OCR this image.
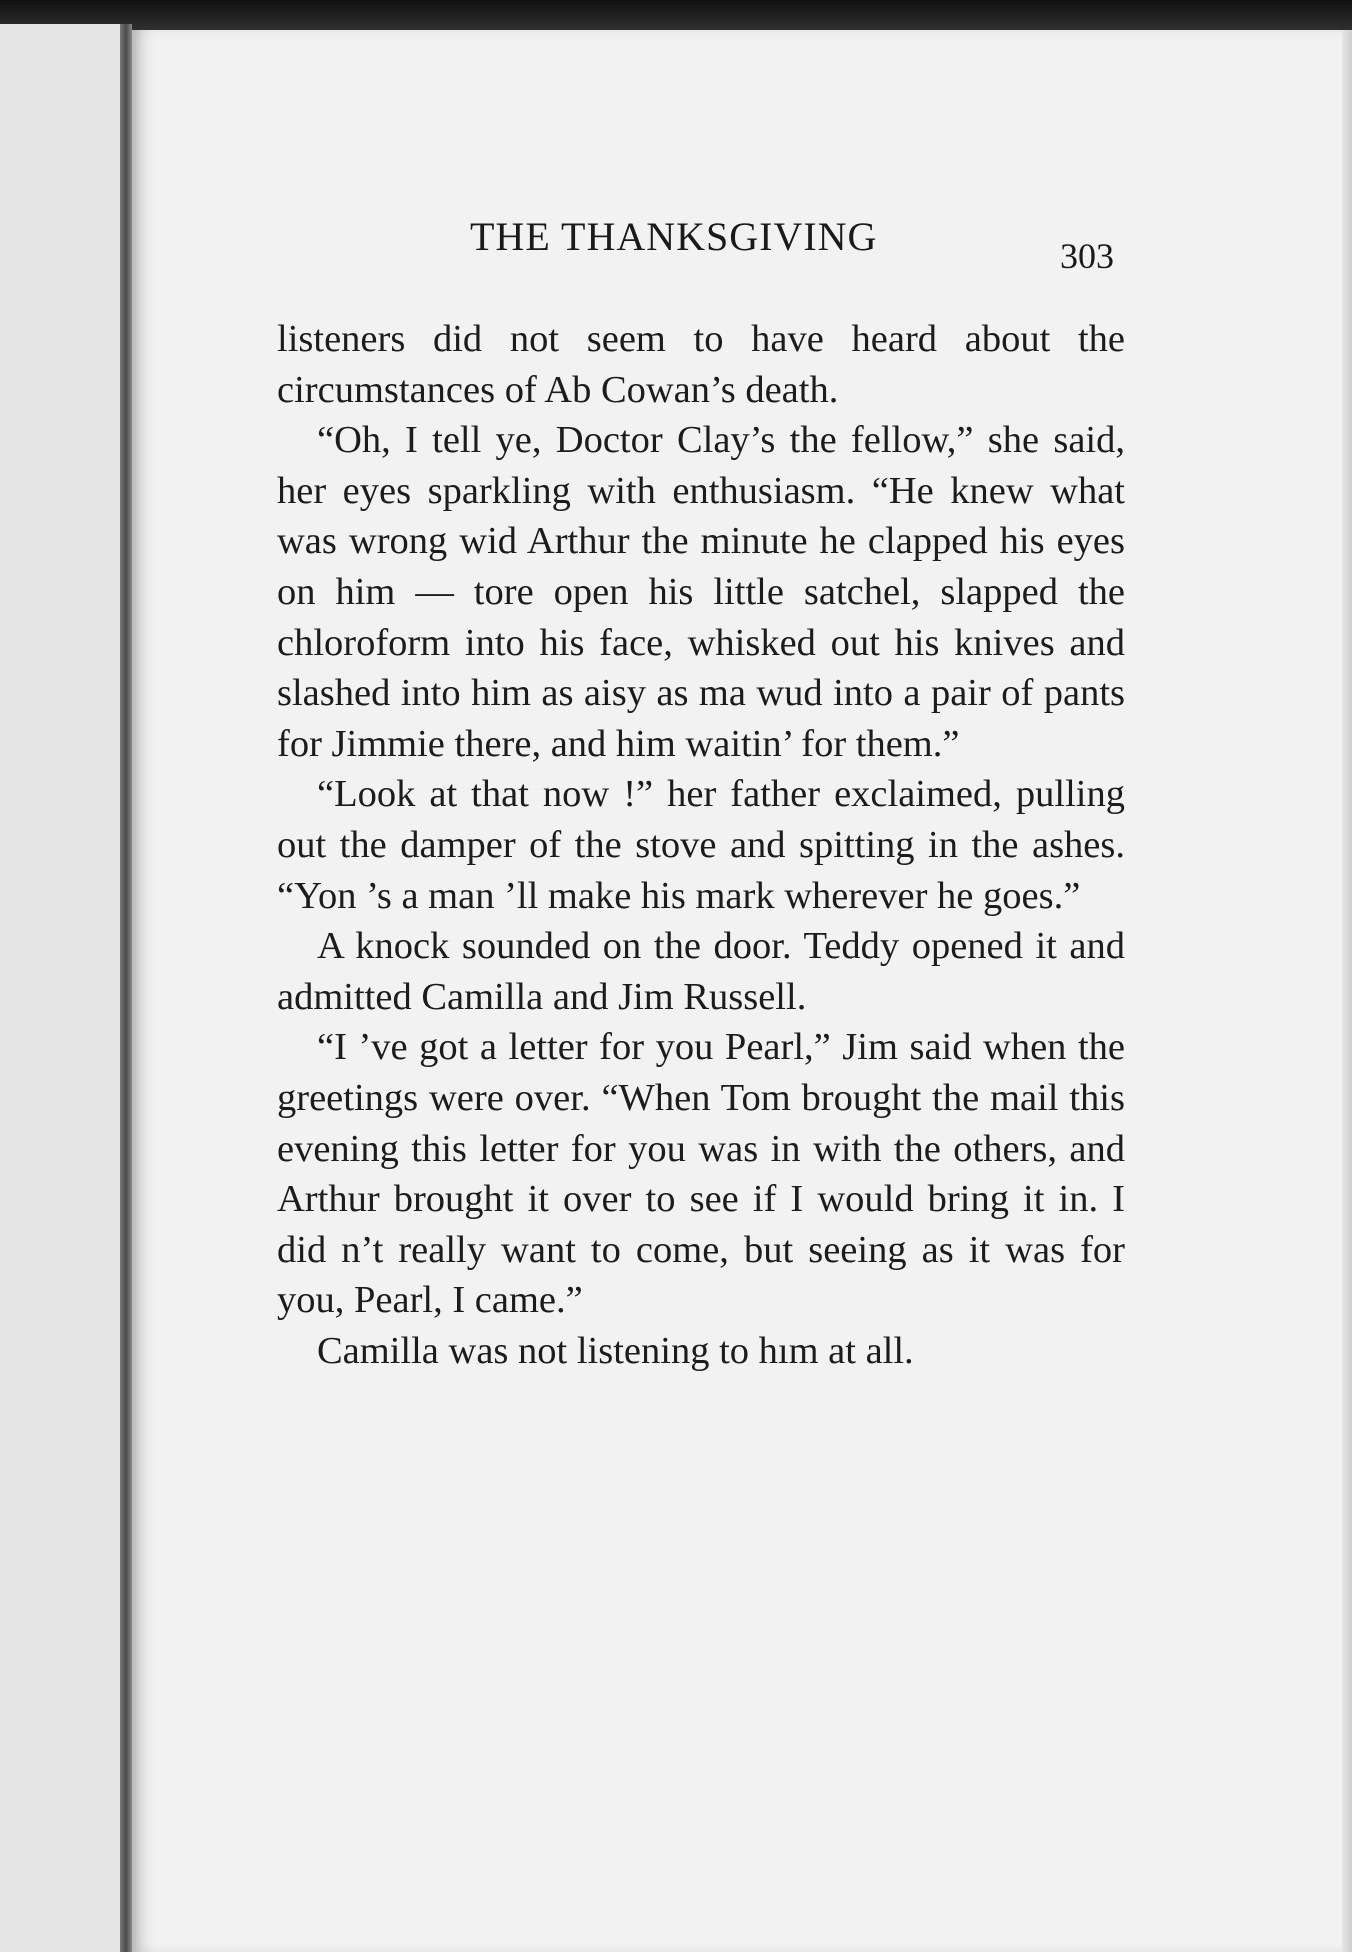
THE THANKSGIVING	303

listeners did not seem to have heard about the circumstances of Ab Cowan’s death.

“Oh, I tell ye, Doctor Clay’s the fellow,” she said, her eyes sparkling with enthusiasm. “He knew what was wrong wid Arthur the minute he clapped his eyes on him — tore open his little satchel, slapped the chloroform into his face, whisked out his knives and slashed into him as aisy as ma wud into a pair of pants for Jimmie there, and him waitin’ for them.”

“Look at that now !” her father exclaimed, pulling out the damper of the stove and spitting in the ashes. “Yon ’s a man ’ll make his mark wherever he goes.”

A knock sounded on the door. Teddy opened it and admitted Camilla and Jim Russell.

“I ’ve got a letter for you Pearl,” Jim said when the greetings were over. “When Tom brought the mail this evening this letter for you was in with the others, and Arthur brought it over to see if I would bring it in. I did n’t really want to come, but seeing as it was for you, Pearl, I came.”

Camilla was not listening to hım at all.
